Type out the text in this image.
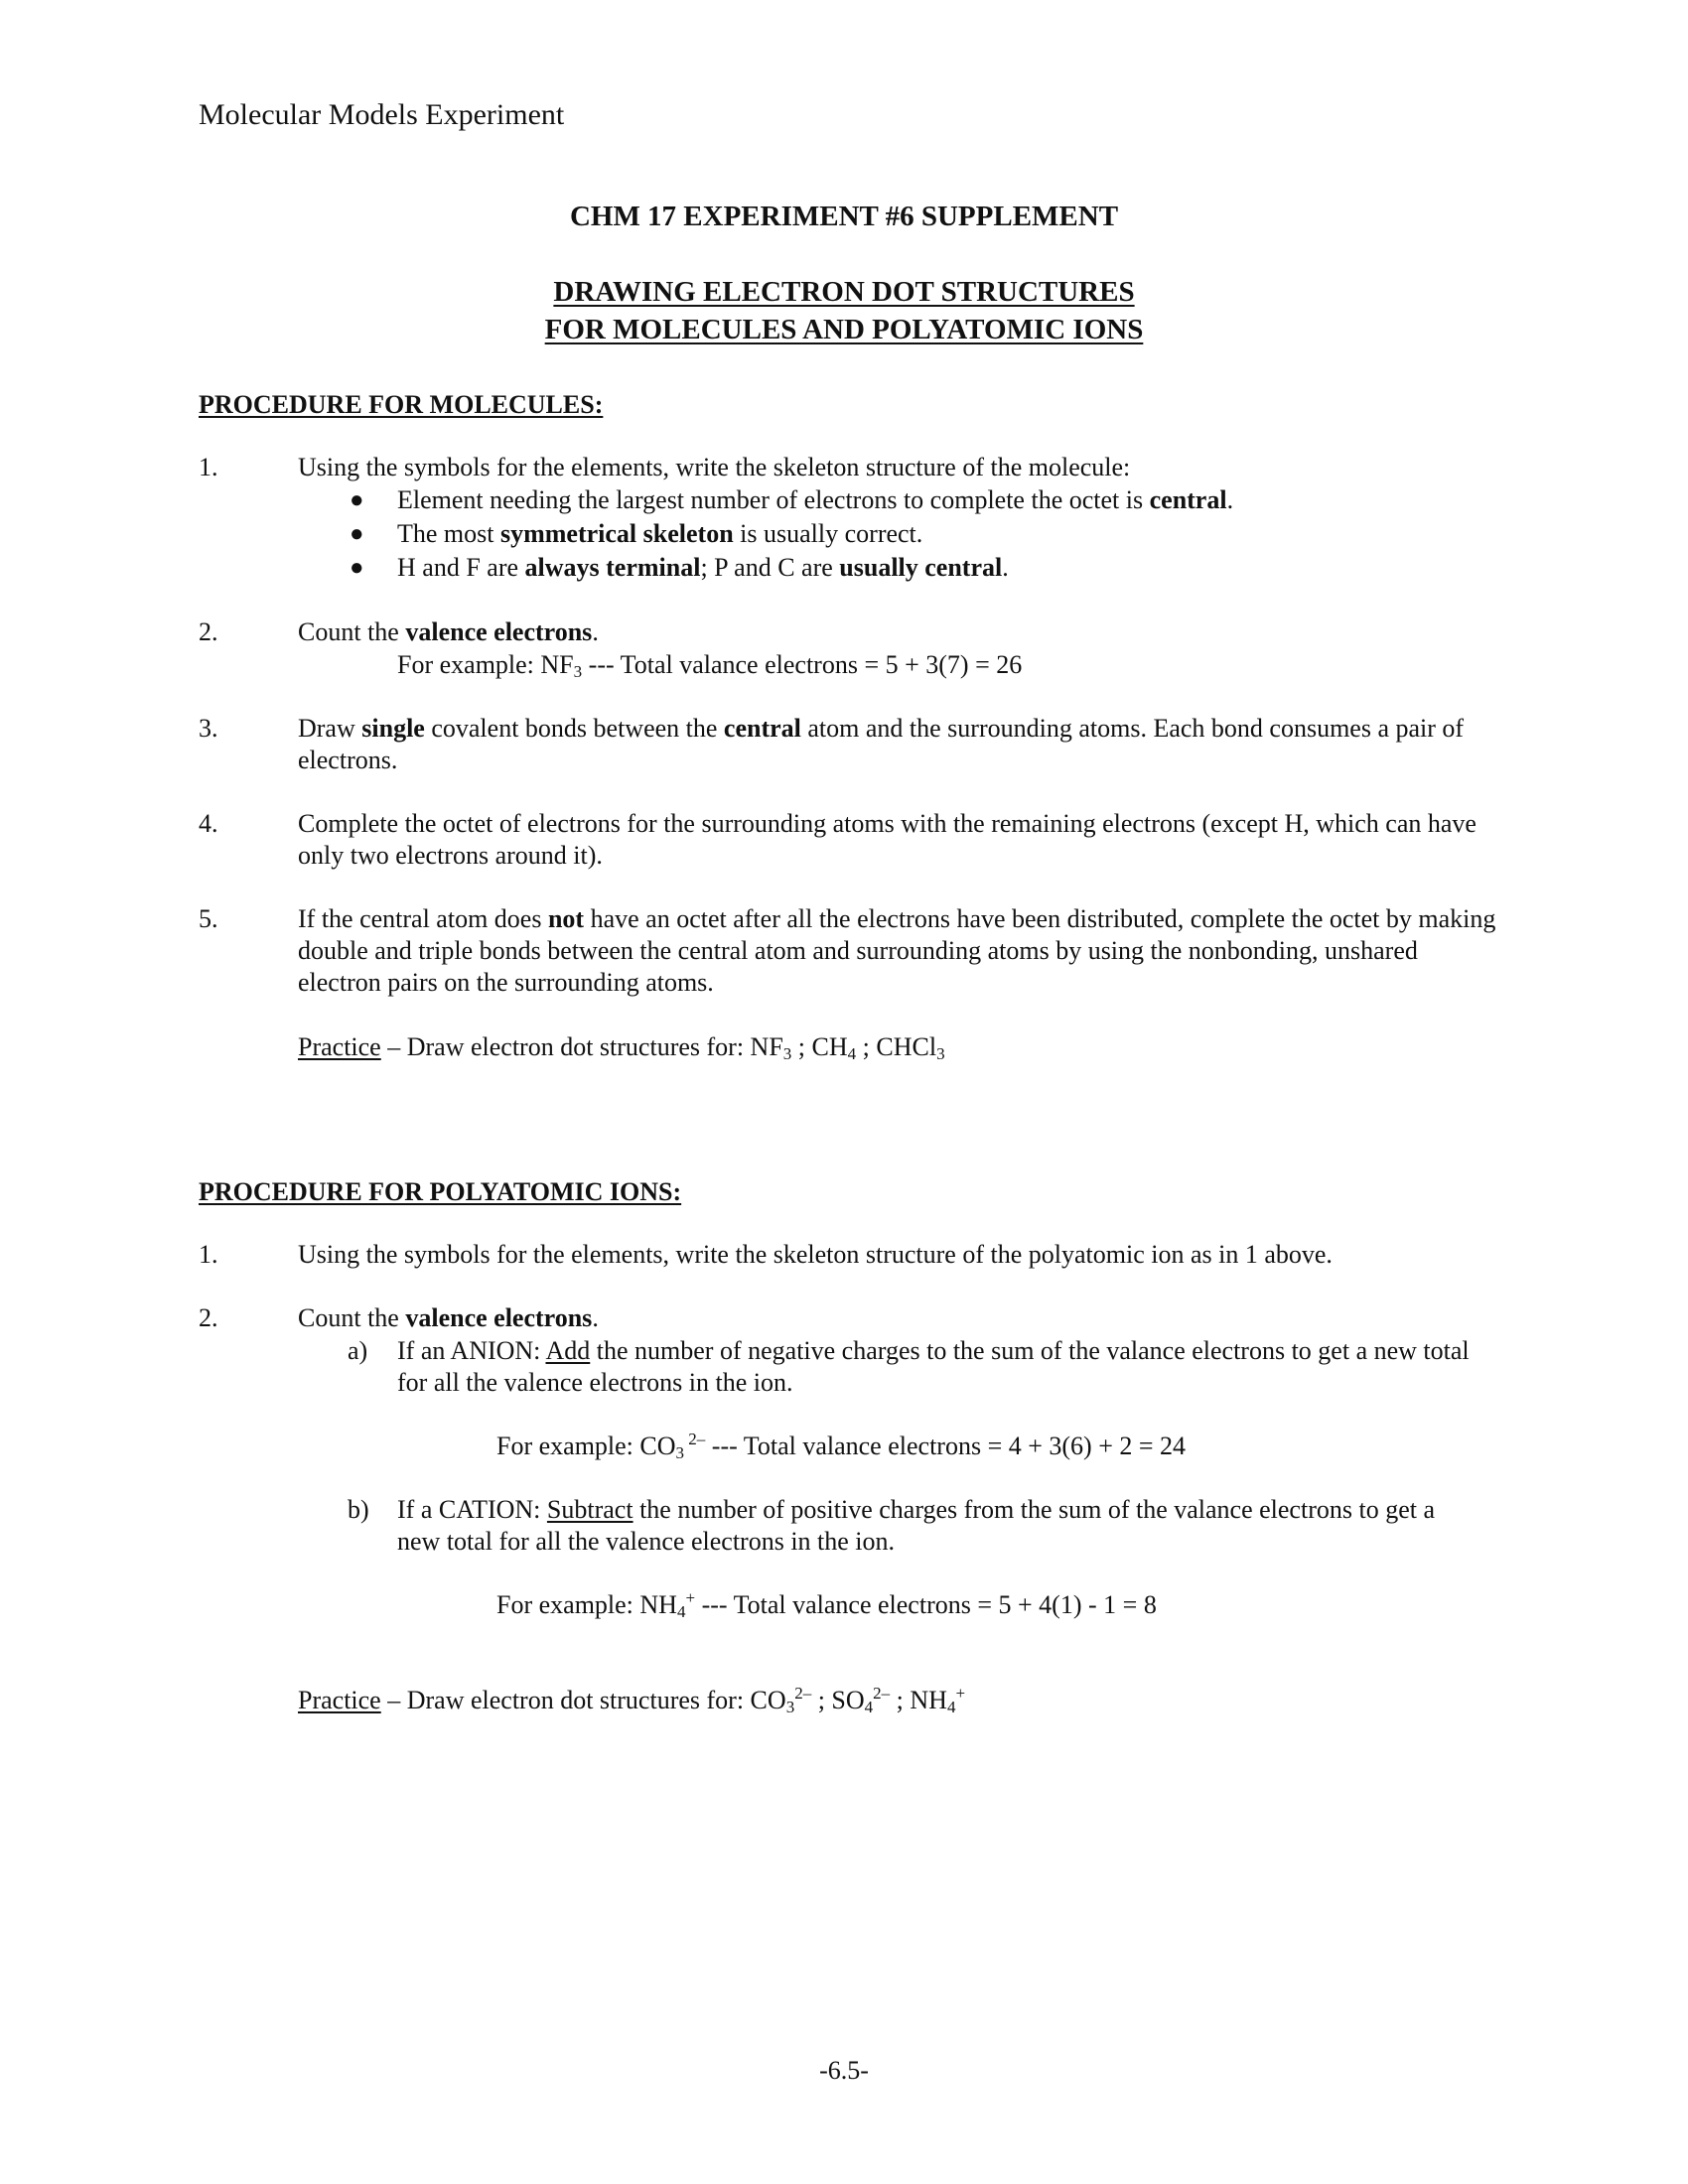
Molecular Models Experiment
CHM 17 EXPERIMENT #6 SUPPLEMENT
DRAWING ELECTRON DOT STRUCTURES
FOR MOLECULES AND POLYATOMIC IONS
PROCEDURE FOR MOLECULES:
1.	Using the symbols for the elements, write the skeleton structure of the molecule:
● Element needing the largest number of electrons to complete the octet is central.
● The most symmetrical skeleton is usually correct.
● H and F are always terminal; P and C are usually central.
2.	Count the valence electrons.
For example: $NF_3$ --- Total valance electrons = 5 + 3(7) = 26
3.	Draw single covalent bonds between the central atom and the surrounding atoms. Each bond consumes a pair of electrons.
4.	Complete the octet of electrons for the surrounding atoms with the remaining electrons (except H, which can have only two electrons around it).
5.	If the central atom does not have an octet after all the electrons have been distributed, complete the octet by making double and triple bonds between the central atom and surrounding atoms by using the nonbonding, unshared electron pairs on the surrounding atoms.
Practice – Draw electron dot structures for: $NF_3$ ; $CH_4$ ; CHCl$_3$
PROCEDURE FOR POLYATOMIC IONS:
1.	Using the symbols for the elements, write the skeleton structure of the polyatomic ion as in 1 above.
2.	Count the valence electrons.
a) If an ANION: Add the number of negative charges to the sum of the valance electrons to get a new total for all the valence electrons in the ion.
For example: $CO_3$ $^{2-}$ --- Total valance electrons = 4 + 3(6) + 2 = 24
b) If a CATION: Subtract the number of positive charges from the sum of the valance electrons to get a new total for all the valence electrons in the ion.
For example: $NH_4^+$ --- Total valance electrons = 5 + 4(1) - 1 = 8
Practice – Draw electron dot structures for: $CO_3^{2-}$ ; $SO_4^{2-}$ ; $NH_4^+$
-6.5-
